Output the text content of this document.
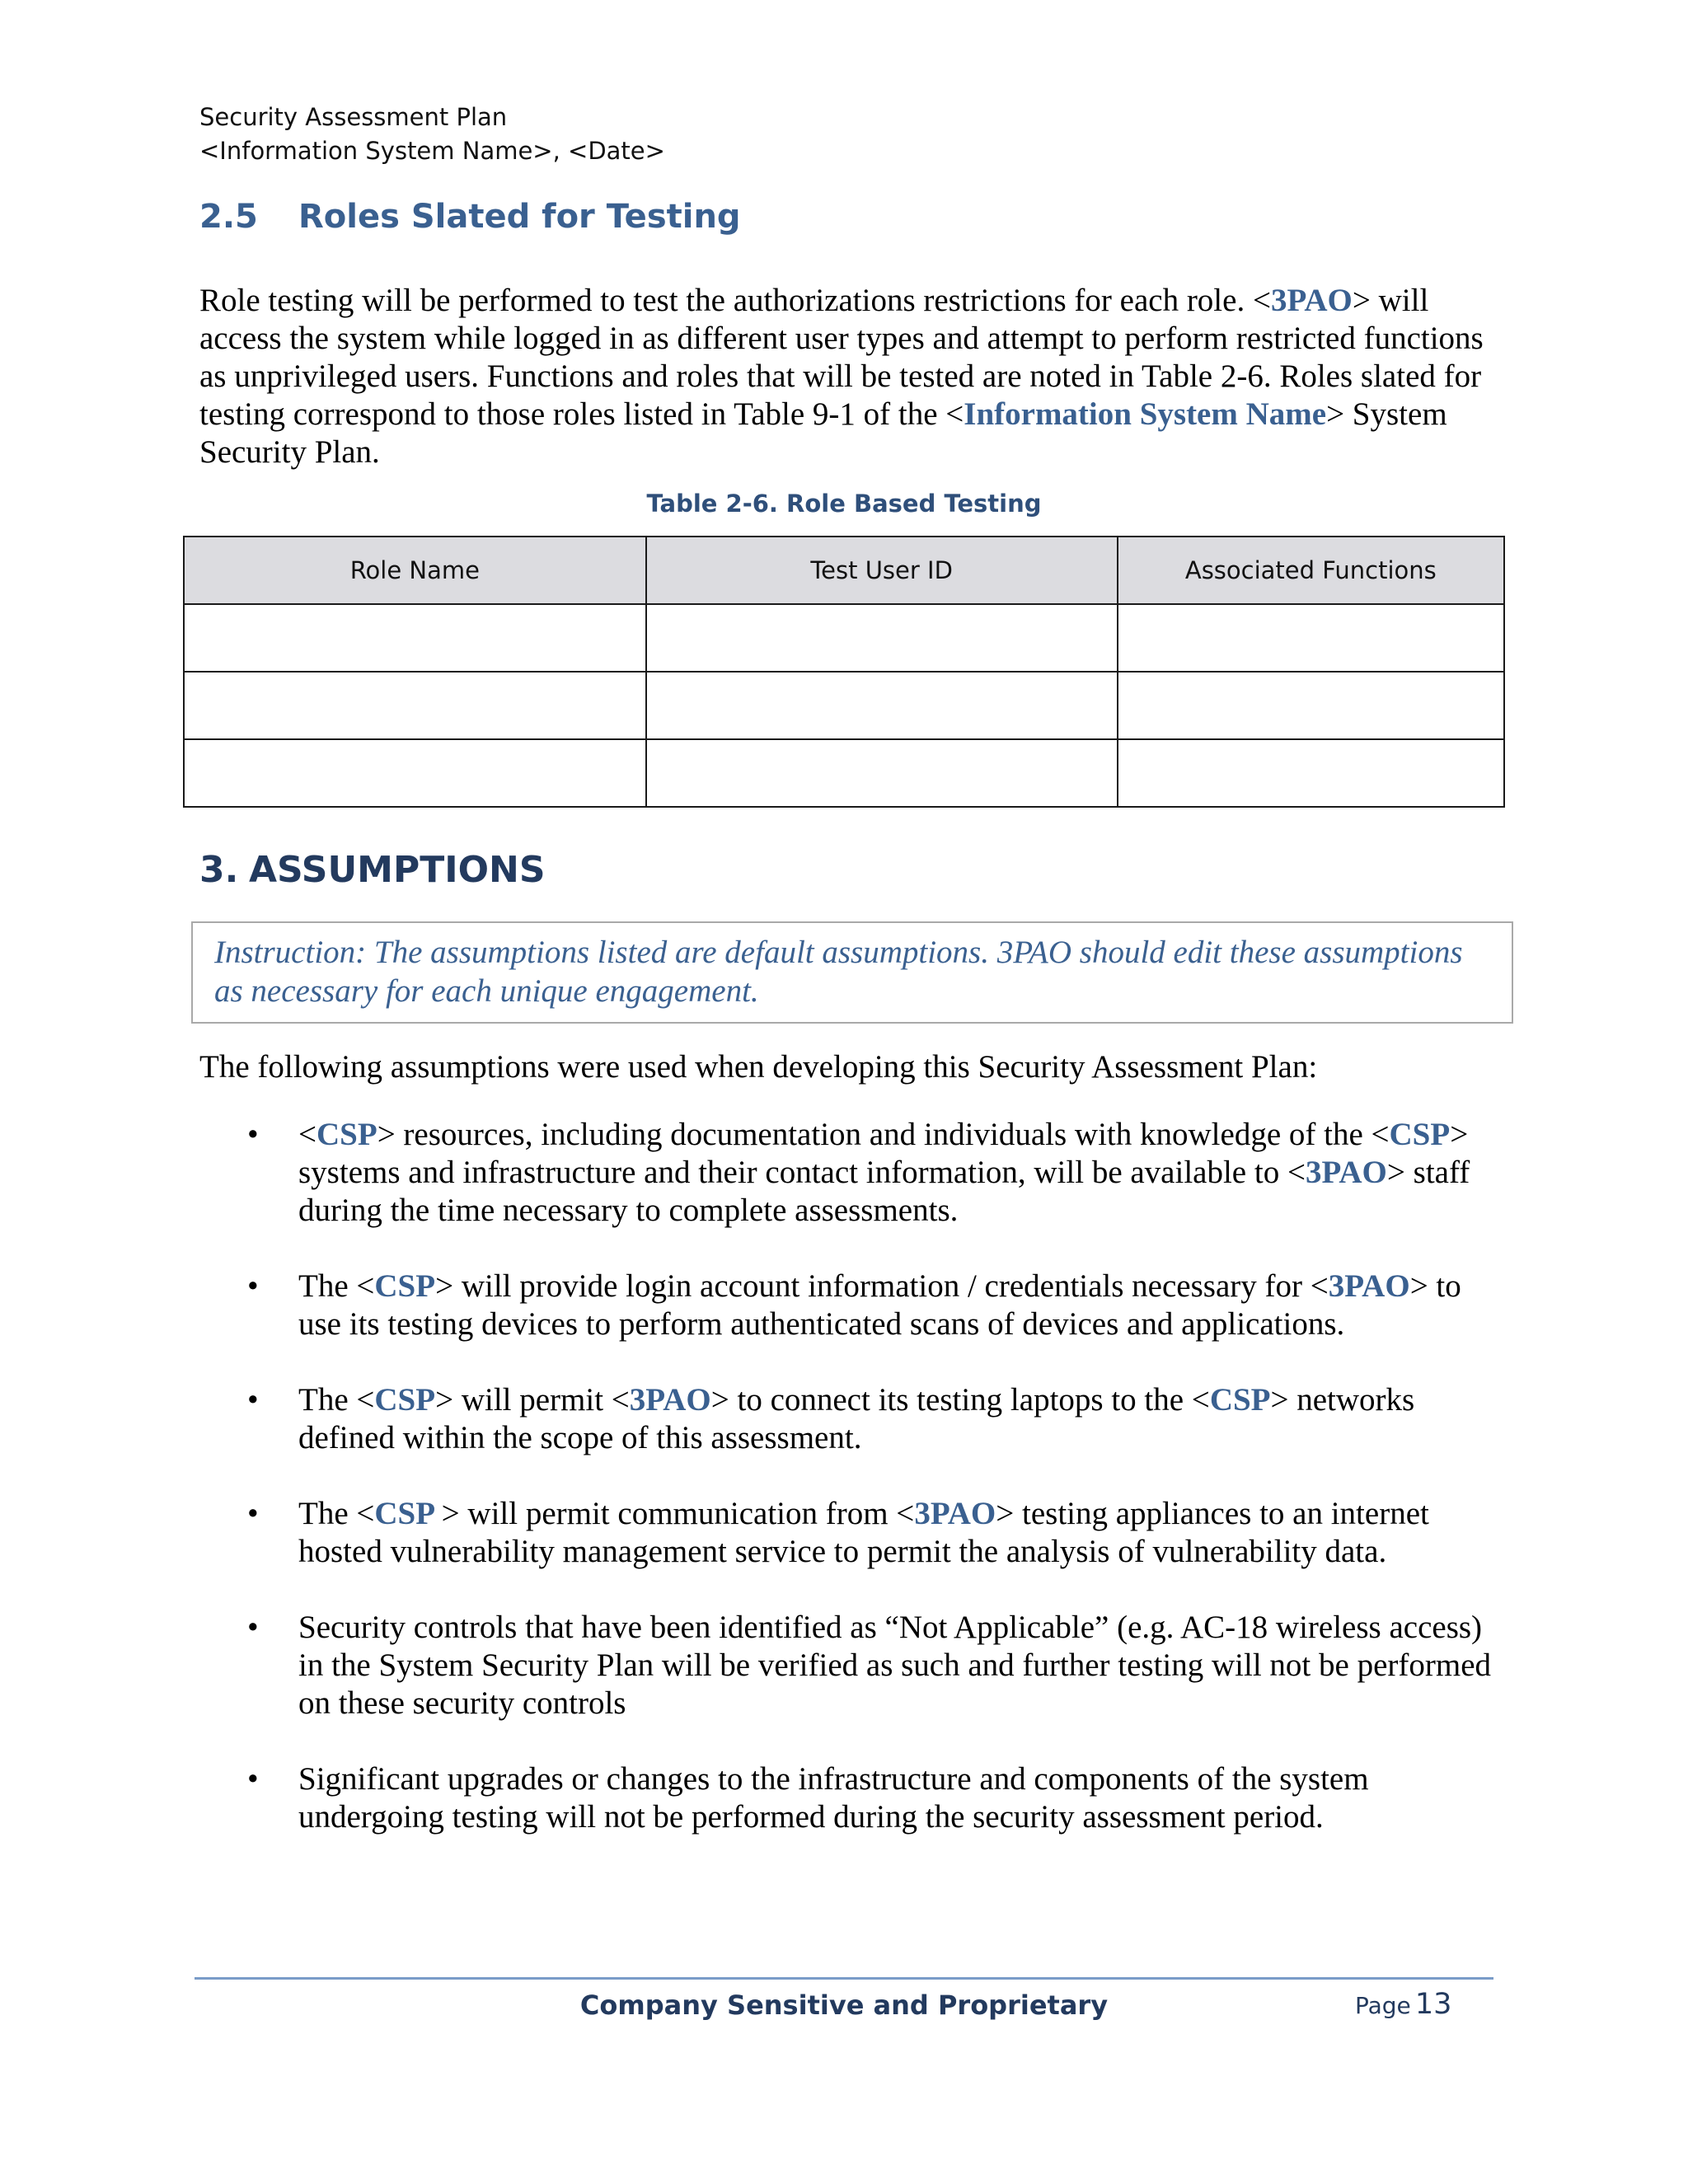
Security Assessment Plan
<Information System Name>, <Date>
2.5 Roles Slated for Testing
Role testing will be performed to test the authorizations restrictions for each role. <3PAO> will access the system while logged in as different user types and attempt to perform restricted functions as unprivileged users. Functions and roles that will be tested are noted in Table 2-6. Roles slated for testing correspond to those roles listed in Table 9-1 of the <Information System Name> System Security Plan.
Table 2-6. Role Based Testing
Role Name	Test User ID	Associated Functions

3. ASSUMPTIONS
Instruction: The assumptions listed are default assumptions. 3PAO should edit these assumptions as necessary for each unique engagement.
The following assumptions were used when developing this Security Assessment Plan:
• <CSP> resources, including documentation and individuals with knowledge of the <CSP> systems and infrastructure and their contact information, will be available to <3PAO> staff during the time necessary to complete assessments.
• The <CSP> will provide login account information / credentials necessary for <3PAO> to use its testing devices to perform authenticated scans of devices and applications.
• The <CSP> will permit <3PAO> to connect its testing laptops to the <CSP> networks defined within the scope of this assessment.
• The <CSP > will permit communication from <3PAO> testing appliances to an internet hosted vulnerability management service to permit the analysis of vulnerability data.
• Security controls that have been identified as “Not Applicable” (e.g. AC-18 wireless access) in the System Security Plan will be verified as such and further testing will not be performed on these security controls
• Significant upgrades or changes to the infrastructure and components of the system undergoing testing will not be performed during the security assessment period.
Company Sensitive and Proprietary	Page 13
